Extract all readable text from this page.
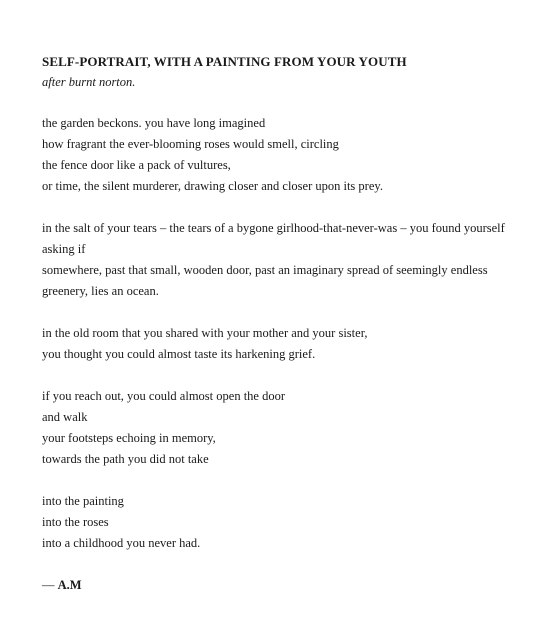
SELF-PORTRAIT, WITH A PAINTING FROM YOUR YOUTH
after burnt norton.
the garden beckons. you have long imagined
how fragrant the ever-blooming roses would smell, circling
the fence door like a pack of vultures,
or time, the silent murderer, drawing closer and closer upon its prey.
in the salt of your tears – the tears of a bygone girlhood-that-never-was – you found yourself asking if
somewhere, past that small, wooden door, past an imaginary spread of seemingly endless greenery, lies an ocean.
in the old room that you shared with your mother and your sister,
you thought you could almost taste its harkening grief.
if you reach out, you could almost open the door
and walk
your footsteps echoing in memory,
towards the path you did not take
into the painting
into the roses
into a childhood you never had.
— A.M
